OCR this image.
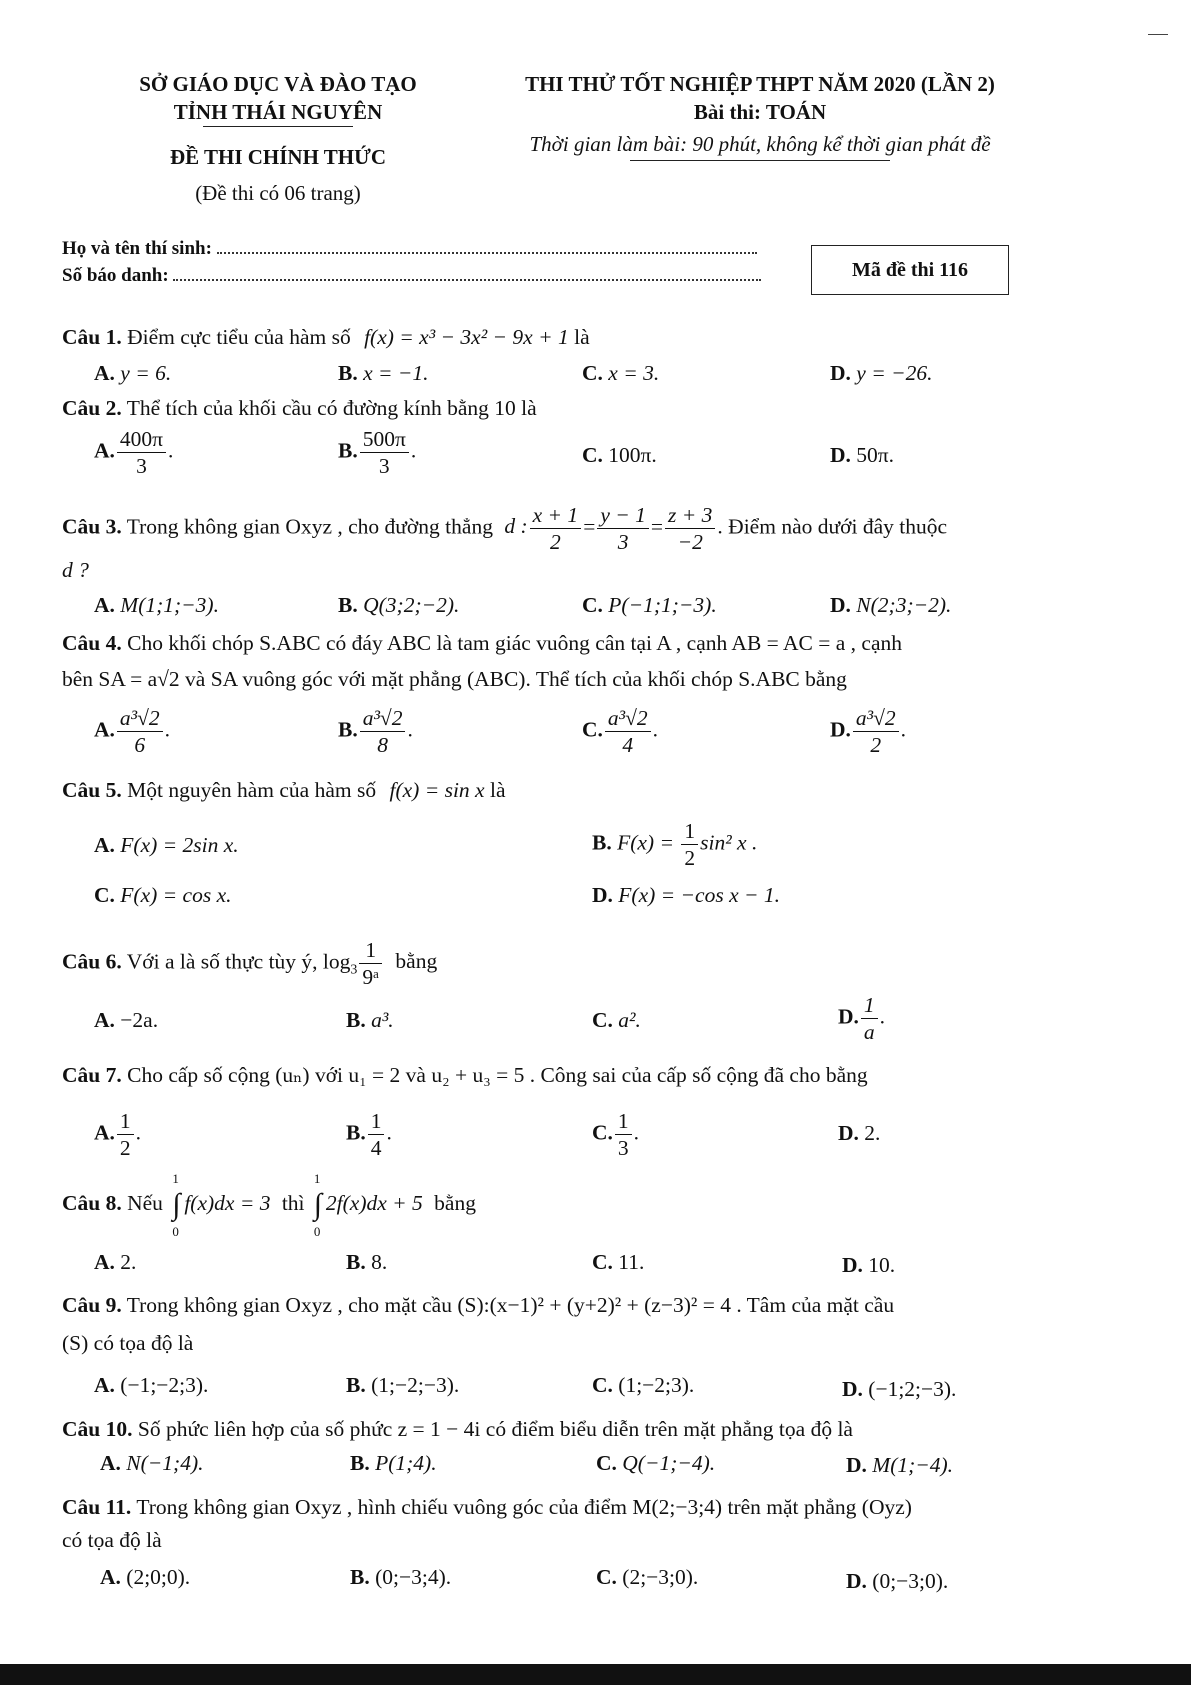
SỞ GIÁO DỤC VÀ ĐÀO TẠO
TỈNH THÁI NGUYÊN
ĐỀ THI CHÍNH THỨC
(Đề thi có 06 trang)
THI THỬ TỐT NGHIỆP THPT NĂM 2020 (LẦN 2)
Bài thi: TOÁN
Thời gian làm bài: 90 phút, không kể thời gian phát đề
Họ và tên thí sinh:
Số báo danh:	Mã đề thi 116
Câu 1. Điểm cực tiểu của hàm số f(x) = x³ − 3x² − 9x + 1 là
A. y = 6.	B. x = −1.	C. x = 3.	D. y = −26.
Câu 2. Thể tích của khối cầu có đường kính bằng 10 là
A. $\frac{400\pi}{3}$ .	B. $\frac{500\pi}{3}$ .	C. 100π.	D. 50π.
Câu 3. Trong không gian Oxyz , cho đường thẳng d : $\frac{x + 1}{2} = \frac{y - 1}{3} = \frac{z + 3}{-2}$ . Điểm nào dưới đây thuộc
d ?
A. M(1;1;−3).	B. Q(3;2;−2).	C. P(−1;1;−3).	D. N(2;3;−2).
Câu 4. Cho khối chóp S.ABC có đáy ABC là tam giác vuông cân tại A , cạnh AB = AC = a , cạnh
bên SA = a√2 và SA vuông góc với mặt phẳng (ABC). Thể tích của khối chóp S.ABC bằng
A. $\frac{\text{a³√2}}{6}$ .	B. $\frac{\text{a³√2}}{8}$ .	C. $\frac{\text{a³√2}}{4}$ .	D. $\frac{\text{a³√2}}{2}$ .
Câu 5. Một nguyên hàm của hàm số f(x) = sin x là
A. F(x) = 2sin x.	B. $F(x) = \frac{1}{2} \sin^2$ x .
C. F(x) = cos x.	D. F(x) = −cos x − 1.
Câu 6. Với a là số thực tùy ý, $\log_3 \frac{1}{\text{9ᵃ}}$ bằng
A. −2a.	B. a³.	C. a².	D. $\frac{1}{a}$ .
Câu 7. Cho cấp số cộng (uₙ) với u₁ = 2 và u₂ + u₃ = 5 . Công sai của cấp số cộng đã cho bằng
A. $\frac{1}{2}$ .	B. $\frac{1}{4}$ .	C. $\frac{1}{3}$ .	D. 2.
Câu 8. Nếu ∫
1
0
f(x)dx = 3 thì ∫
1
0
2f(x)dx + 5 bằng
A. 2.	B. 8.	C. 11.	D. 10.
Câu 9. Trong không gian Oxyz , cho mặt cầu (S):(x−1)² + (y+2)² + (z−3)² = 4 . Tâm của mặt cầu
(S) có tọa độ là
A. (−1;−2;3).	B. (1;−2;−3).	C. (1;−2;3).	D. (−1;2;−3).
Câu 10. Số phức liên hợp của số phức z = 1 − 4i có điểm biểu diễn trên mặt phẳng tọa độ là
A. N(−1;4).	B. P(1;4).	C. Q(−1;−4).	D. M(1;−4).
Câu 11. Trong không gian Oxyz , hình chiếu vuông góc của điểm M(2;−3;4) trên mặt phẳng (Oyz)
có tọa độ là
A. (2;0;0).	B. (0;−3;4).	C. (2;−3;0).	D. (0;−3;0).
